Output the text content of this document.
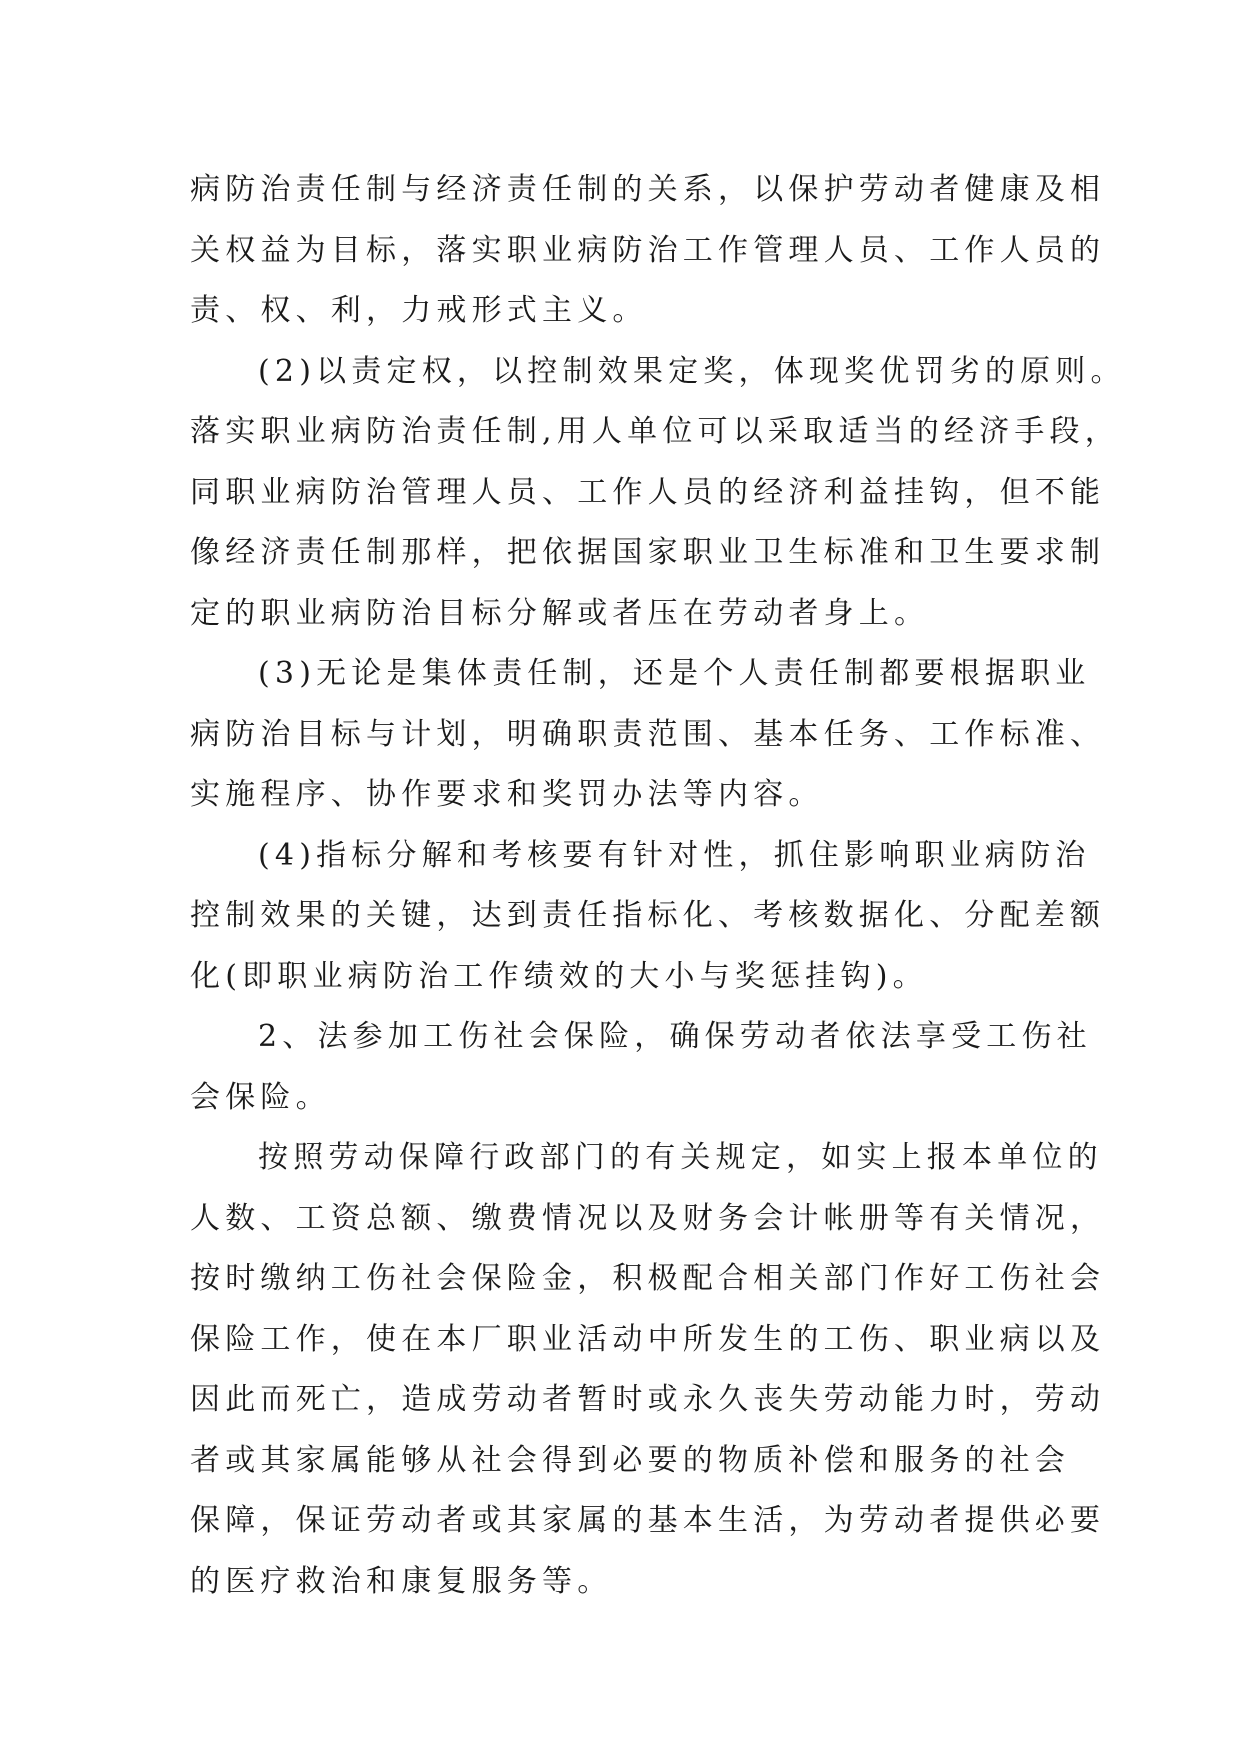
病防治责任制与经济责任制的关系，以保护劳动者健康及相
关权益为目标，落实职业病防治工作管理人员、工作人员的
责、权、利，力戒形式主义。
(2)以责定权，以控制效果定奖，体现奖优罚劣的原则。
落实职业病防治责任制,用人单位可以采取适当的经济手段，
同职业病防治管理人员、工作人员的经济利益挂钩，但不能
像经济责任制那样，把依据国家职业卫生标准和卫生要求制
定的职业病防治目标分解或者压在劳动者身上。
(3)无论是集体责任制，还是个人责任制都要根据职业
病防治目标与计划，明确职责范围、基本任务、工作标准、
实施程序、协作要求和奖罚办法等内容。
(4)指标分解和考核要有针对性，抓住影响职业病防治
控制效果的关键，达到责任指标化、考核数据化、分配差额
化(即职业病防治工作绩效的大小与奖惩挂钩)。
2、法参加工伤社会保险，确保劳动者依法享受工伤社
会保险。
按照劳动保障行政部门的有关规定，如实上报本单位的
人数、工资总额、缴费情况以及财务会计帐册等有关情况，
按时缴纳工伤社会保险金，积极配合相关部门作好工伤社会
保险工作，使在本厂职业活动中所发生的工伤、职业病以及
因此而死亡，造成劳动者暂时或永久丧失劳动能力时，劳动
者或其家属能够从社会得到必要的物质补偿和服务的社会
保障，保证劳动者或其家属的基本生活，为劳动者提供必要
的医疗救治和康复服务等。
